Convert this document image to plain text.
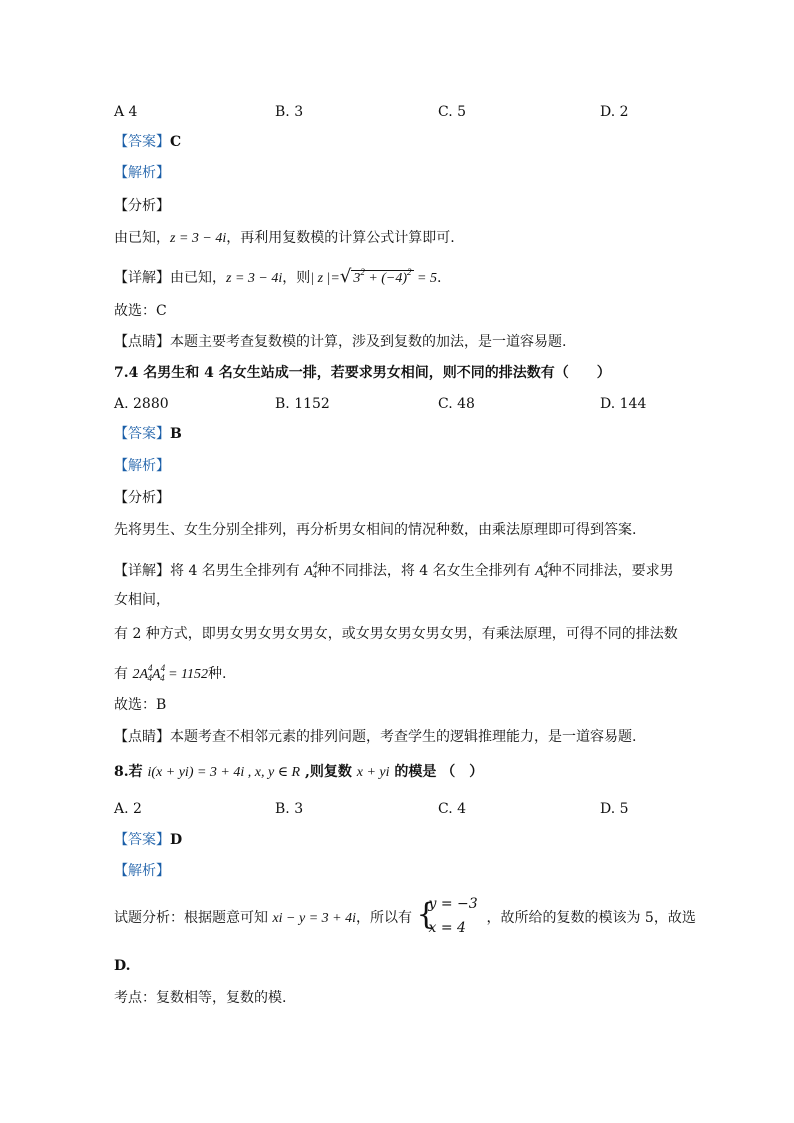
A 4	B. 3	C. 5	D. 2
【答案】C
【解析】
【分析】
由已知，z = 3 − 4i，再利用复数模的计算公式计算即可.
【详解】由已知，z = 3 − 4i，则| z |=√ $3^2 + (-4)^2 = 5$.
故选：C
【点睛】本题主要考查复数模的计算，涉及到复数的加法，是一道容易题.
7.4 名男生和 4 名女生站成一排，若要求男女相间，则不同的排法数有（　　）
A. 2880	B. 1152	C. 48	D. 144
【答案】B
【解析】
【分析】
先将男生、女生分别全排列，再分析男女相间的情况种数，由乘法原理即可得到答案.
【详解】将 4 名男生全排列有 $A^4_4$种不同排法，将 4 名女生全排列有 $A^4_4$种不同排法，要求男
女相间，
有 2 种方式，即男女男女男女男女，或女男女男女男女男，有乘法原理，可得不同的排法数
有 $2A^4_4A^4_4 = 1152$种.
故选：B
【点睛】本题考查不相邻元素的排列问题，考查学生的逻辑推理能力，是一道容易题.
8.若 i(x + yi) = 3 + 4i , x, y ∈ R ,则复数 x + yi 的模是 （　）
A. 2	B. 3	C. 4	D. 5
【答案】D
【解析】
试题分析：根据题意可知 xi − y = 3 + 4i，所以有 {
y = −3
x = 4
，故所给的复数的模该为 5，故选
D.
考点：复数相等，复数的模.
